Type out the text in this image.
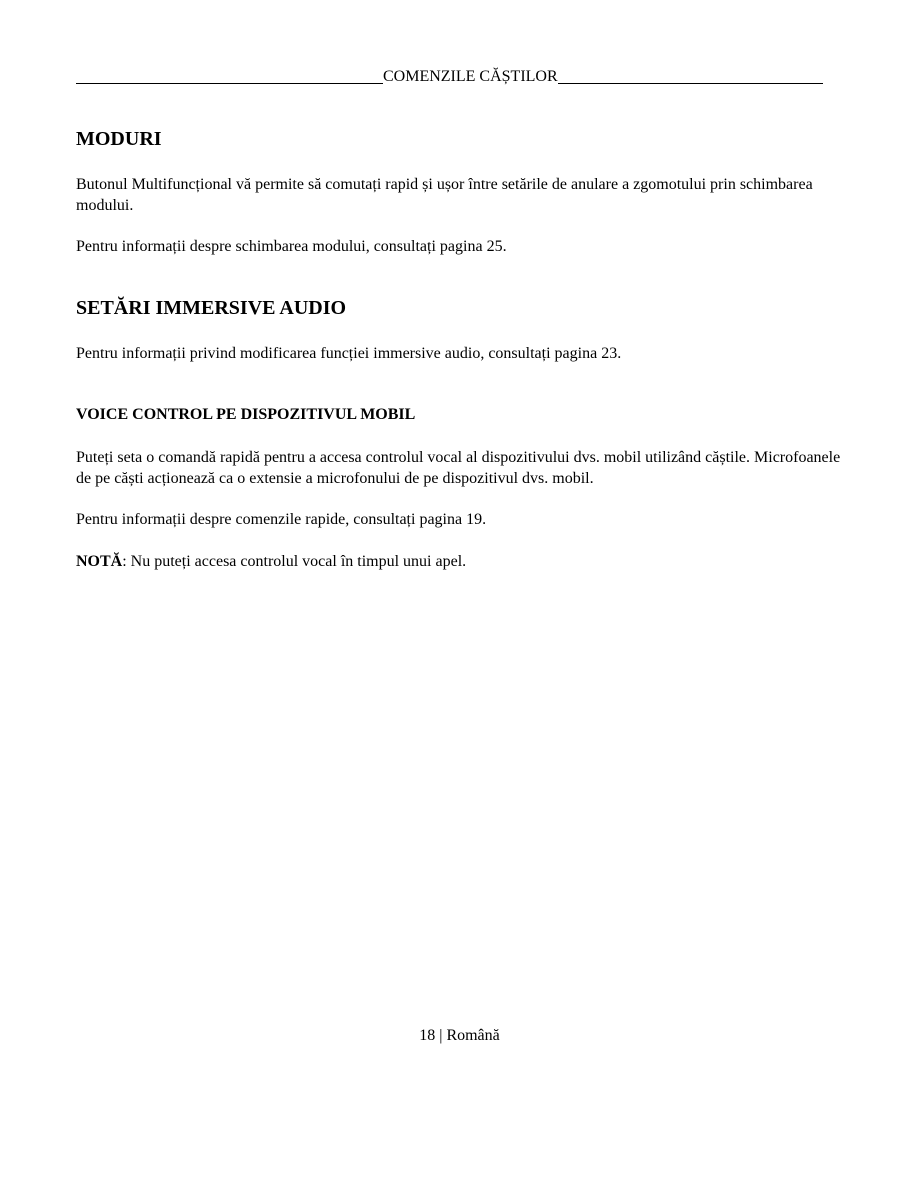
COMENZILE CĂȘTILOR
MODURI

Butonul Multifuncțional vă permite să comutați rapid și ușor între setările de anulare a zgomotului prin schimbarea modului.

Pentru informații despre schimbarea modului, consultați pagina 25.

SETĂRI IMMERSIVE AUDIO

Pentru informații privind modificarea funcției immersive audio, consultați pagina 23.

VOICE CONTROL PE DISPOZITIVUL MOBIL

Puteți seta o comandă rapidă pentru a accesa controlul vocal al dispozitivului dvs. mobil utilizând căștile. Microfoanele de pe căști acționează ca o extensie a microfonului de pe dispozitivul dvs. mobil.

Pentru informații despre comenzile rapide, consultați pagina 19.

NOTĂ: Nu puteți accesa controlul vocal în timpul unui apel.

18 | Română
